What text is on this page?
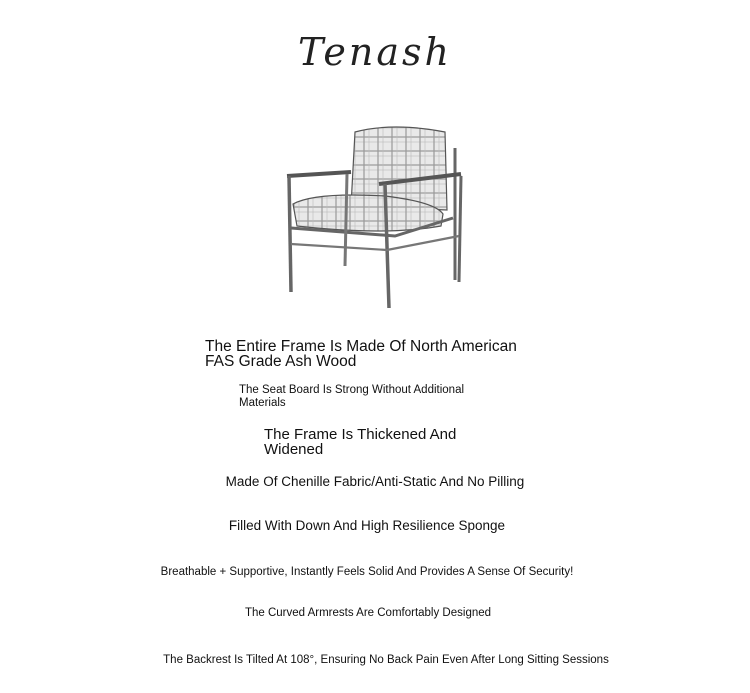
Tenash

The Entire Frame Is Made Of North American
FAS Grade Ash Wood

The Seat Board Is Strong Without Additional
Materials

The Frame Is Thickened And
Widened

Made Of Chenille Fabric/Anti-Static And No Pilling

Filled With Down And High Resilience Sponge

Breathable + Supportive, Instantly Feels Solid And Provides A Sense Of Security!

The Curved Armrests Are Comfortably Designed

The Backrest Is Tilted At 108°, Ensuring No Back Pain Even After Long Sitting Sessions
